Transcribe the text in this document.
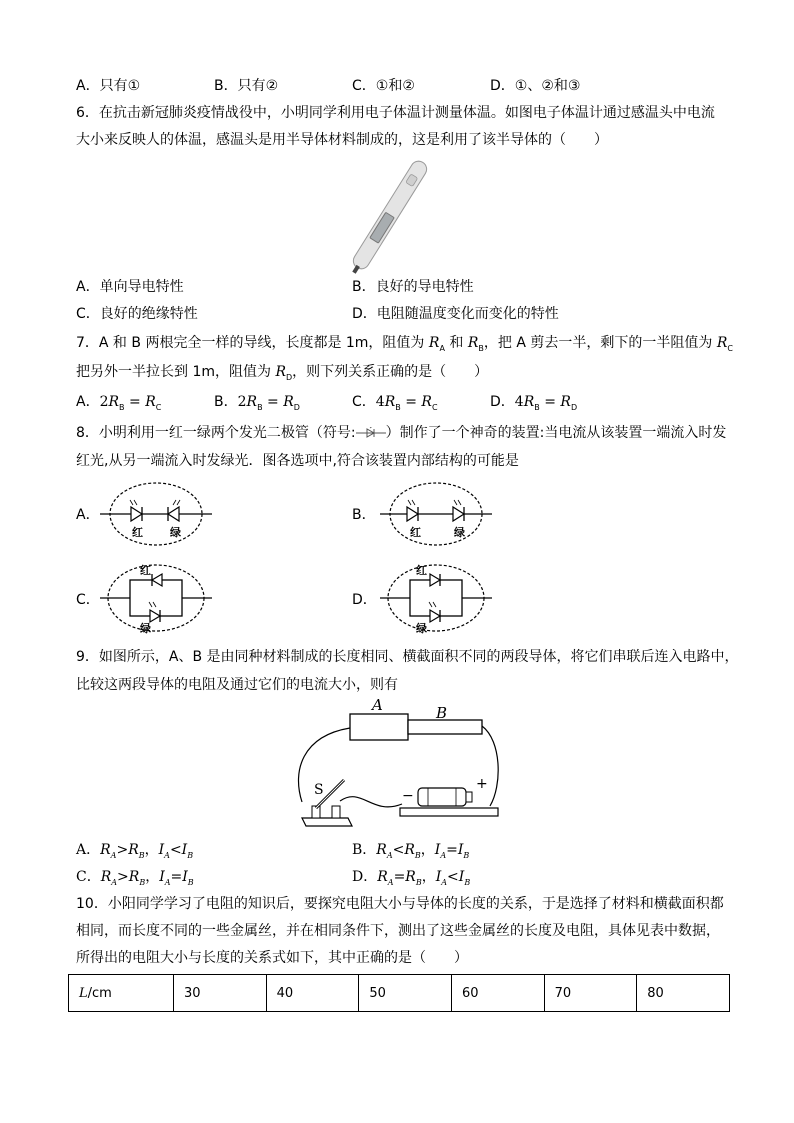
A．只有①	B．只有②	C．①和②	D．①、②和③
6．在抗击新冠肺炎疫情战役中，小明同学利用电子体温计测量体温。如图电子体温计通过感温头中电流
大小来反映人的体温，感温头是用半导体材料制成的，这是利用了该半导体的（　　）
A．单向导电特性	B．良好的导电特性
C．良好的绝缘特性	D．电阻随温度变化而变化的特性
7．A 和 B 两根完全一样的导线，长度都是 1m，阻值为 $R_A$ 和 $R_B$，把 A 剪去一半，剩下的一半阻值为 $R_C$
把另外一半拉长到 1m，阻值为 $R_D$，则下列关系正确的是（　　）
A．$2R_B = R_C$	B．$2R_B = R_D$	C．$4R_B = R_C$	D．$4R_B = R_D$
8．小明利用一红一绿两个发光二极管（符号: ）制作了一个神奇的装置:当电流从该装置一端流入时发
红光,从另一端流入时发绿光．图各选项中,符合该装置内部结构的可能是
A．	B．
C．	D．
红 绿	红	绿
红
绿
红
绿
9．如图所示，A、B 是由同种材料制成的长度相同、横截面积不同的两段导体，将它们串联后连入电路中，
比较这两段导体的电阻及通过它们的电流大小，则有
A	B
S	−
+
A．$R_A>R_B$，$I_A<I_B$	B．$R_A<R_B$，$I_A=I_B$
C．$R_A>R_B$，$I_A=I_B$	D．$R_A=R_B$，$I_A<I_B$
10．小阳同学学习了电阻的知识后，要探究电阻大小与导体的长度的关系，于是选择了材料和横截面积都
相同，而长度不同的一些金属丝，并在相同条件下，测出了这些金属丝的长度及电阻，具体见表中数据，
所得出的电阻大小与长度的关系式如下，其中正确的是（　　）
L/cm	30	40	50	60	70	80
